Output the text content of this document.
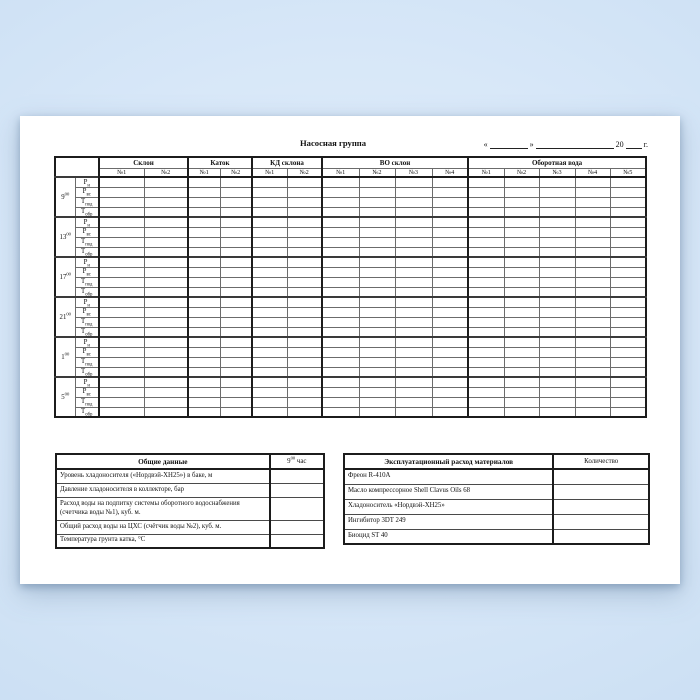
Насосная группа	«	»	20	г.
		Склон		Каток		КД склона		ВО склон				Оборотная вода				
		№1	№2	№1	№2	№1	№2	№1	№2	№3	№4	№1	№2	№3	№4	№5
$9^{00}$	$Р_н$															
	$Р_{вс}$															
	$Т_{под}$															
	$Т_{обр}$															
$13^{00}$	$Р_н$															
	$Р_{вс}$															
	$Т_{под}$															
	$Т_{обр}$															
$17^{00}$	$Р_н$															
	$Р_{вс}$															
	$Т_{под}$															
	$Т_{обр}$															
$21^{00}$	$Р_н$															
	$Р_{вс}$															
	$Т_{под}$															
	$Т_{обр}$															
$1^{00}$	$Р_н$															
	$Р_{вс}$															
	$Т_{под}$															
	$Т_{обр}$															
$5^{00}$	$Р_н$															
	$Р_{вс}$															
	$Т_{под}$															
	$Т_{обр}$															
Общие данные	$9^{00}$ час
Уровень хладоносителя («Нордвэй-ХН25») в баке, м	
Давление хладоносителя в коллекторе, бар	
Расход воды на подпитку системы оборотного водоснабжения (счетчика воды №1), куб. м.	
Общий расход воды на ЦХС (счётчик воды №2), куб. м.	
Температура грунта катка, °С	
Эксплуатационный расход материалов	Количество
Фреон R-410A	
Масло компрессорное Shell Clavus Oils 68	
Хладоноситель «Нордвэй-ХН25»	
Ингибитор 3DT 249	
Биоцид ST 40	
